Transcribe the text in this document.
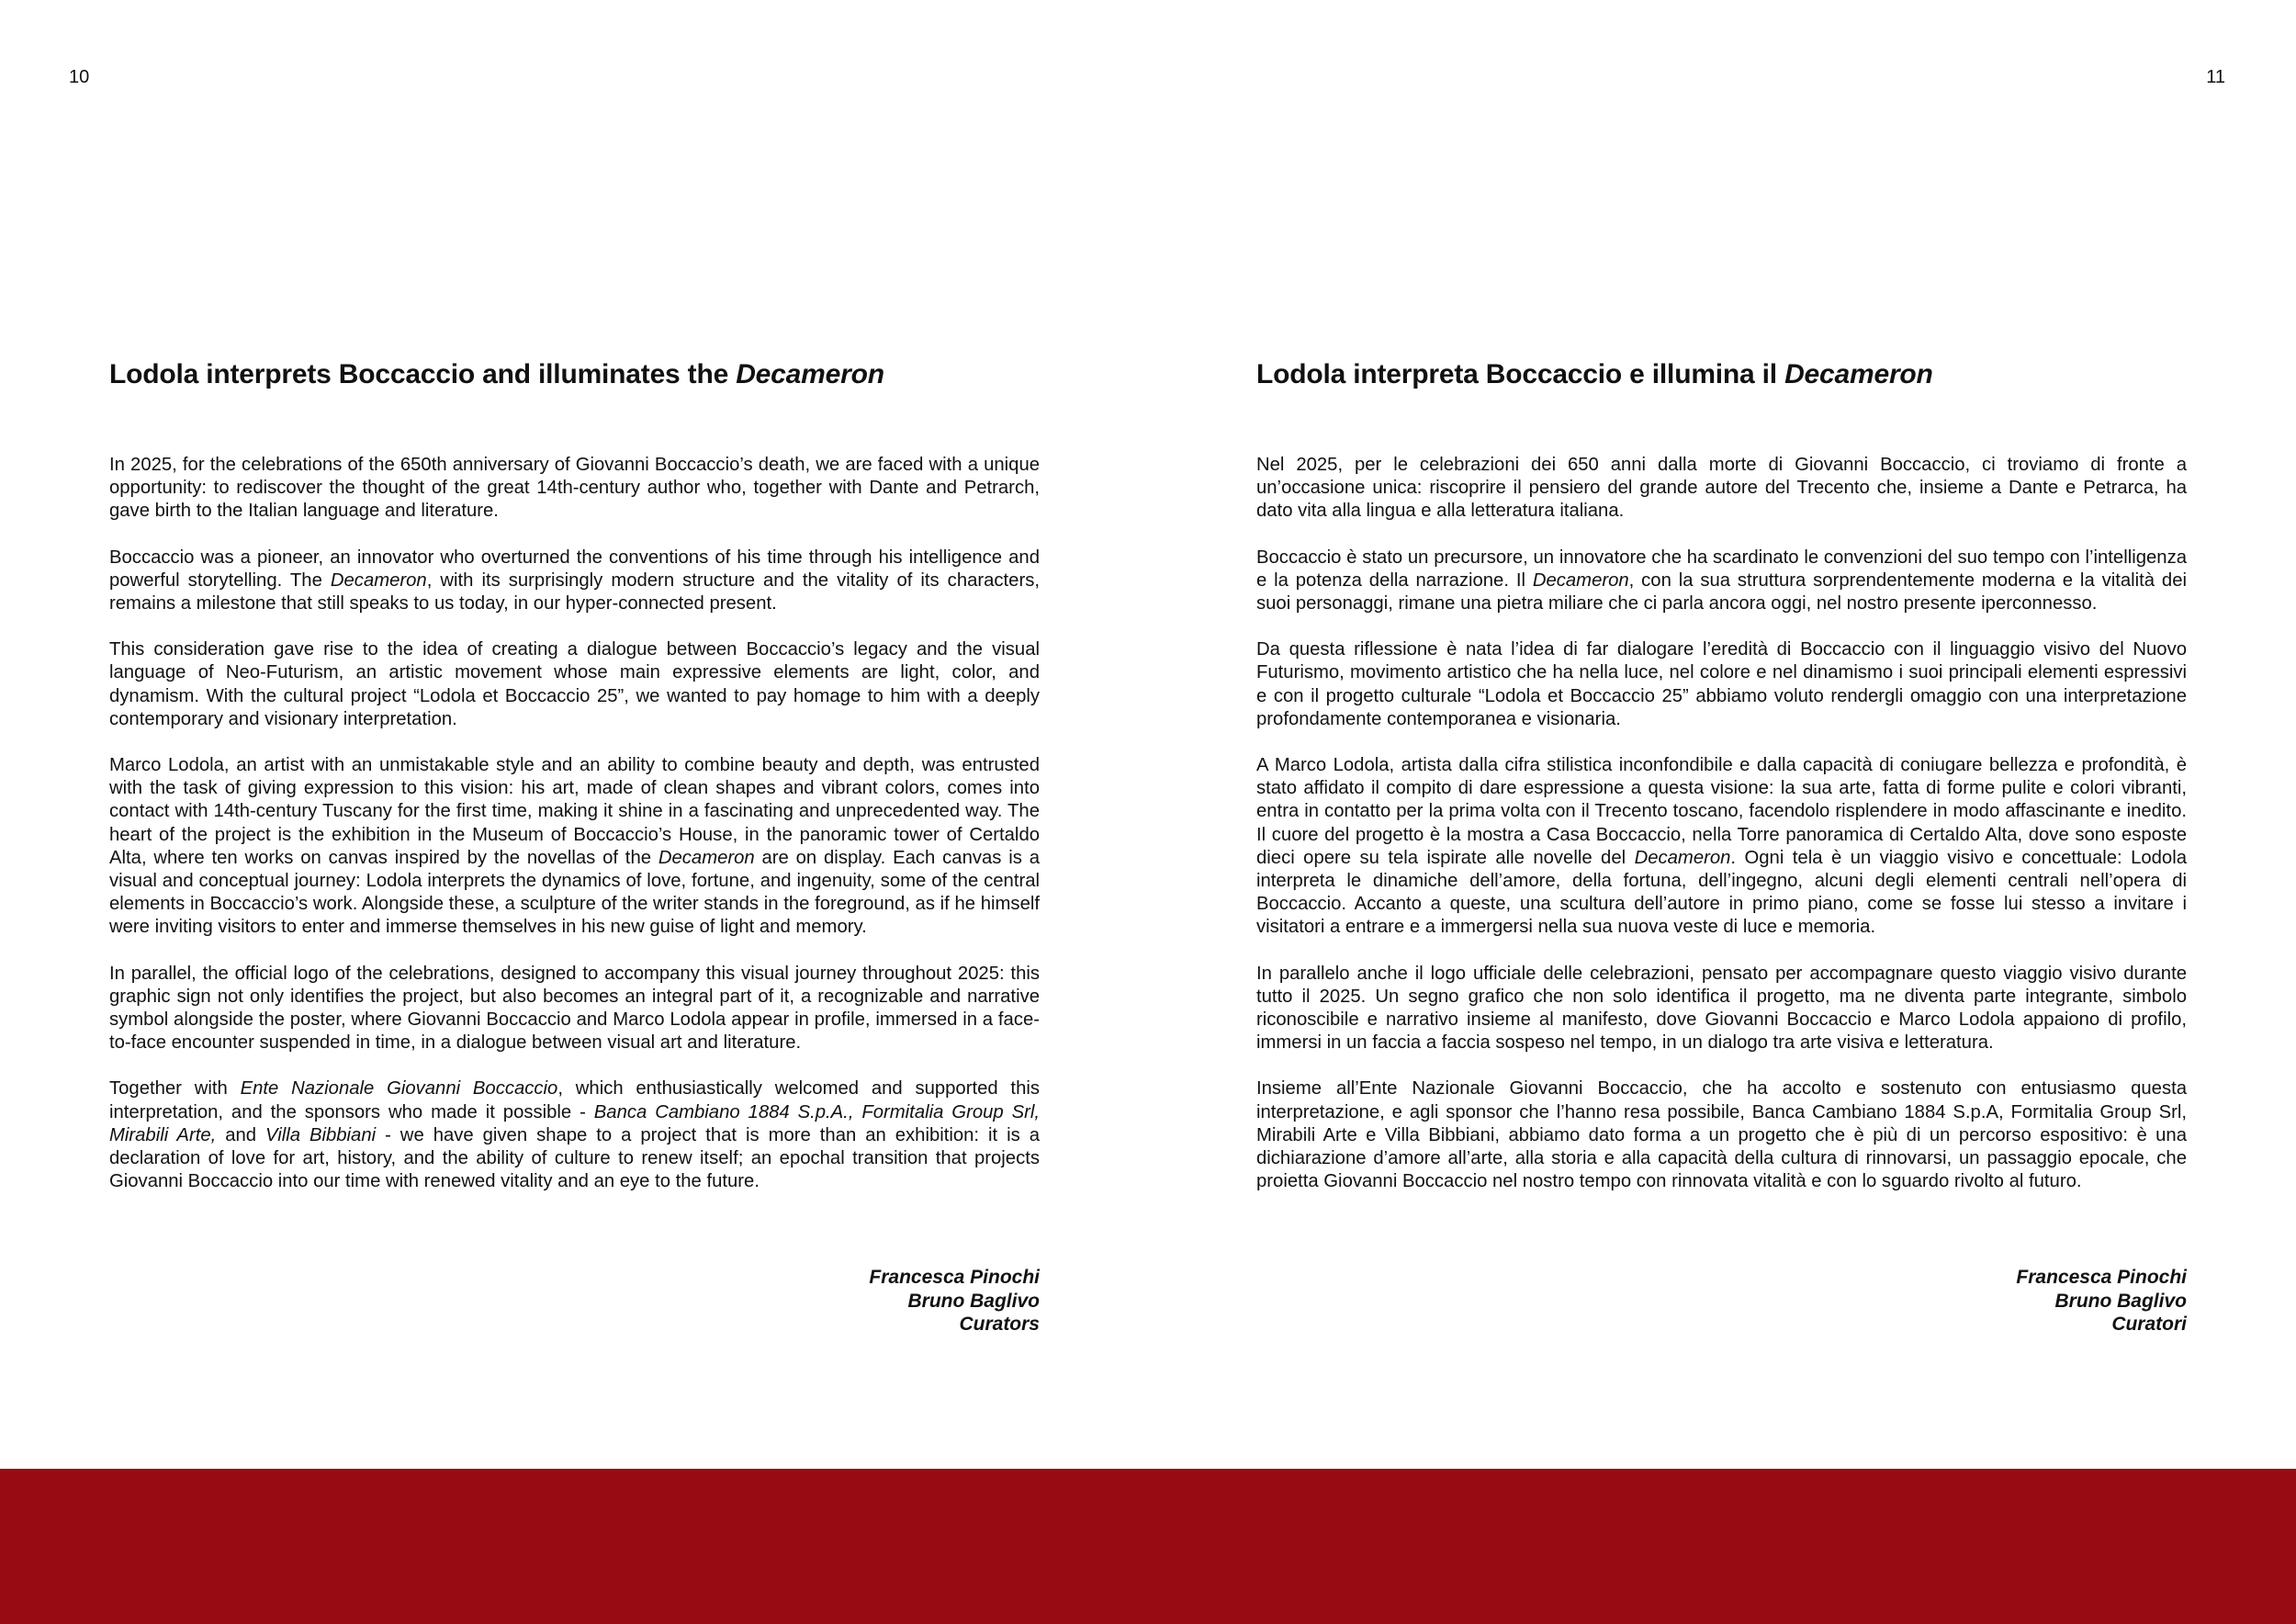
10	11
Lodola interprets Boccaccio and illuminates the Decameron

In 2025, for the celebrations of the 650th anniversary of Giovanni Boccaccio’s death, we are faced with a unique opportunity: to rediscover the thought of the great 14th-century author who, together with Dante and Petrarch, gave birth to the Italian language and literature.

Boccaccio was a pioneer, an innovator who overturned the conventions of his time through his intelligence and powerful storytelling. The Decameron, with its surprisingly modern structure and the vitality of its characters, remains a milestone that still speaks to us today, in our hyper-connected present.

This consideration gave rise to the idea of creating a dialogue between Boccaccio’s legacy and the visual language of Neo-Futurism, an artistic movement whose main expressive elements are light, color, and dynamism. With the cultural project “Lodola et Boccaccio 25”, we wanted to pay homage to him with a deeply contemporary and visionary interpretation.

Marco Lodola, an artist with an unmistakable style and an ability to combine beauty and depth, was entrusted with the task of giving expression to this vision: his art, made of clean shapes and vibrant colors, comes into contact with 14th-century Tuscany for the first time, making it shine in a fascinating and unprecedented way. The heart of the project is the exhibition in the Museum of Boccaccio’s House, in the panoramic tower of Certaldo Alta, where ten works on canvas inspired by the novellas of the Decameron are on display. Each canvas is a visual and conceptual journey: Lodola interprets the dynamics of love, fortune, and ingenuity, some of the central elements in Boccaccio’s work. Alongside these, a sculpture of the writer stands in the foreground, as if he himself were inviting visitors to enter and immerse themselves in his new guise of light and memory.

In parallel, the official logo of the celebrations, designed to accompany this visual journey throughout 2025: this graphic sign not only identifies the project, but also becomes an integral part of it, a recognizable and narrative symbol alongside the poster, where Giovanni Boccaccio and Marco Lodola appear in profile, immersed in a face-to-face encounter suspended in time, in a dialogue between visual art and literature.

Together with Ente Nazionale Giovanni Boccaccio, which enthusiastically welcomed and supported this interpretation, and the sponsors who made it possible - Banca Cambiano 1884 S.p.A., Formitalia Group Srl, Mirabili Arte, and Villa Bibbiani - we have given shape to a project that is more than an exhibition: it is a declaration of love for art, history, and the ability of culture to renew itself; an epochal transition that projects Giovanni Boccaccio into our time with renewed vitality and an eye to the future.

Francesca Pinochi
Bruno Baglivo
Curators
Lodola interpreta Boccaccio e illumina il Decameron

Nel 2025, per le celebrazioni dei 650 anni dalla morte di Giovanni Boccaccio, ci troviamo di fronte a un’occasione unica: riscoprire il pensiero del grande autore del Trecento che, insieme a Dante e Petrarca, ha dato vita alla lingua e alla letteratura italiana.

Boccaccio è stato un precursore, un innovatore che ha scardinato le convenzioni del suo tempo con l’intelligenza e la potenza della narrazione. Il Decameron, con la sua struttura sorprendentemente moderna e la vitalità dei suoi personaggi, rimane una pietra miliare che ci parla ancora oggi, nel nostro presente iperconnesso.

Da questa riflessione è nata l’idea di far dialogare l’eredità di Boccaccio con il linguaggio visivo del Nuovo Futurismo, movimento artistico che ha nella luce, nel colore e nel dinamismo i suoi principali elementi espressivi e con il progetto culturale “Lodola et Boccaccio 25” abbiamo voluto rendergli omaggio con una interpretazione profondamente contemporanea e visionaria.

A Marco Lodola, artista dalla cifra stilistica inconfondibile e dalla capacità di coniugare bellezza e profondità, è stato affidato il compito di dare espressione a questa visione: la sua arte, fatta di forme pulite e colori vibranti, entra in contatto per la prima volta con il Trecento toscano, facendolo risplendere in modo affascinante e inedito. Il cuore del progetto è la mostra a Casa Boccaccio, nella Torre panoramica di Certaldo Alta, dove sono esposte dieci opere su tela ispirate alle novelle del Decameron. Ogni tela è un viaggio visivo e concettuale: Lodola interpreta le dinamiche dell’amore, della fortuna, dell’ingegno, alcuni degli elementi centrali nell’opera di Boccaccio. Accanto a queste, una scultura dell’autore in primo piano, come se fosse lui stesso a invitare i visitatori a entrare e a immergersi nella sua nuova veste di luce e memoria.

In parallelo anche il logo ufficiale delle celebrazioni, pensato per accompagnare questo viaggio visivo durante tutto il 2025. Un segno grafico che non solo identifica il progetto, ma ne diventa parte integrante, simbolo riconoscibile e narrativo insieme al manifesto, dove Giovanni Boccaccio e Marco Lodola appaiono di profilo, immersi in un faccia a faccia sospeso nel tempo, in un dialogo tra arte visiva e letteratura.

Insieme all’Ente Nazionale Giovanni Boccaccio, che ha accolto e sostenuto con entusiasmo questa interpretazione, e agli sponsor che l’hanno resa possibile, Banca Cambiano 1884 S.p.A, Formitalia Group Srl, Mirabili Arte e Villa Bibbiani, abbiamo dato forma a un progetto che è più di un percorso espositivo: è una dichiarazione d’amore all’arte, alla storia e alla capacità della cultura di rinnovarsi, un passaggio epocale, che proietta Giovanni Boccaccio nel nostro tempo con rinnovata vitalità e con lo sguardo rivolto al futuro.

Francesca Pinochi
Bruno Baglivo
Curatori
